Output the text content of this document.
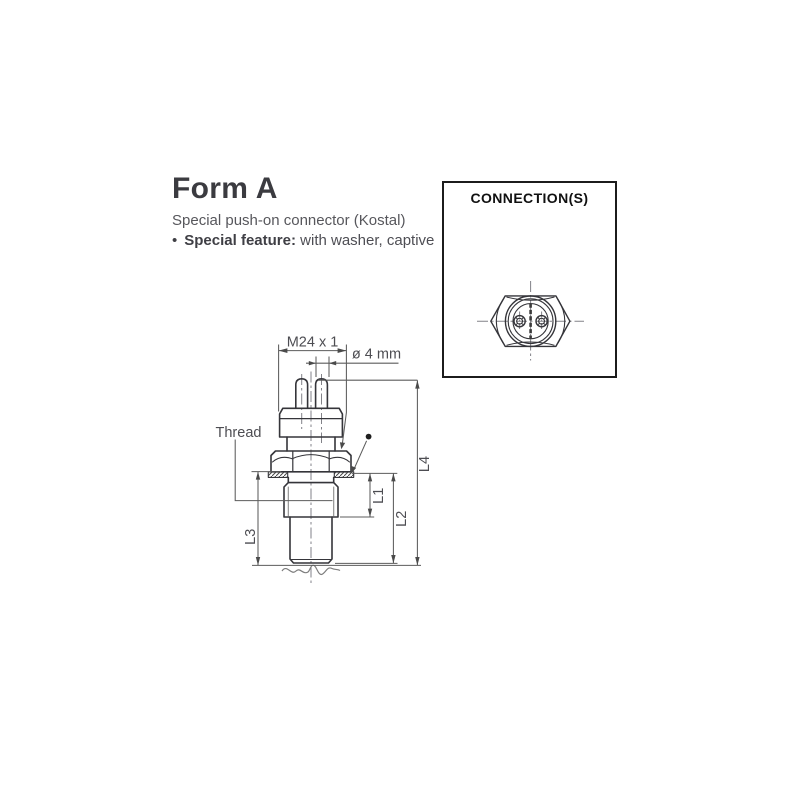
Form A

Special push-on connector (Kostal)

• Special feature: with washer, captive

CONNECTION(S)
M24 x 1
ø 4 mm
Thread
L1
L2
L3
L4
